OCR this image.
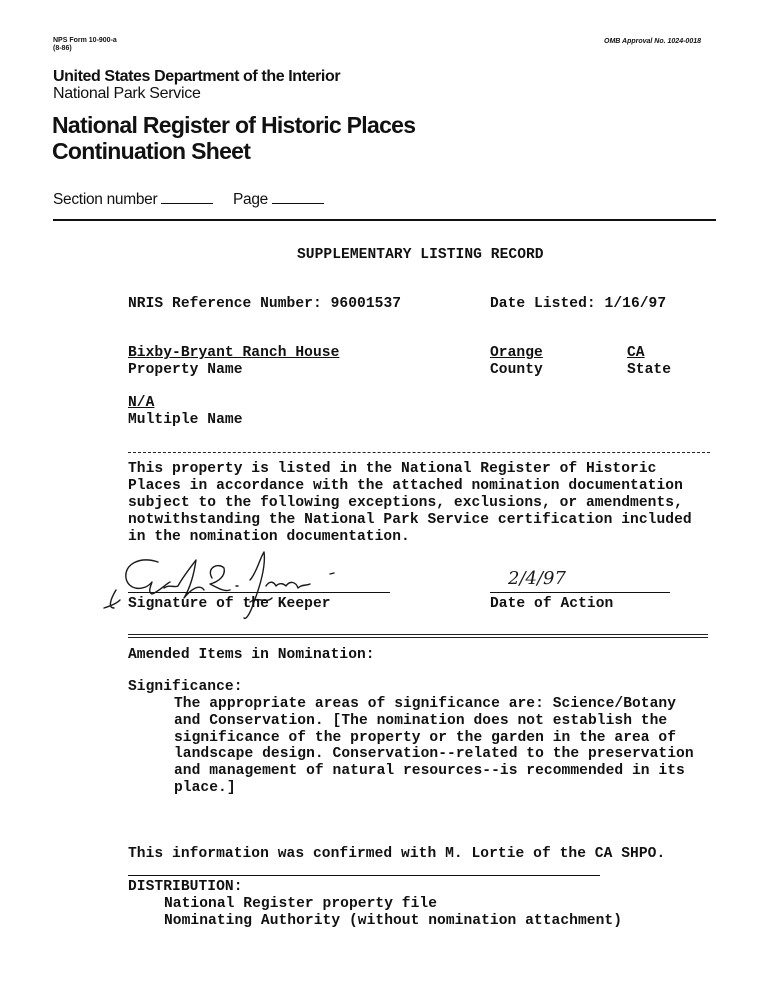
NPS Form 10-900-a
(8-86)
OMB Approval No. 1024-0018
United States Department of the Interior
National Park Service
National Register of Historic Places
Continuation Sheet
Section number	Page
SUPPLEMENTARY LISTING RECORD
NRIS Reference Number: 96001537	Date Listed: 1/16/97
Bixby-Bryant Ranch House
Property Name
Orange
County
CA
State
N/A
Multiple Name
This property is listed in the National Register of Historic
Places in accordance with the attached nomination documentation
subject to the following exceptions, exclusions, or amendments,
notwithstanding the National Park Service certification included
in the nomination documentation.
Signature of the Keeper
2/4/97
Date of Action
Amended Items in Nomination:
Significance:
The appropriate areas of significance are: Science/Botany
and Conservation. [The nomination does not establish the
significance of the property or the garden in the area of
landscape design. Conservation--related to the preservation
and management of natural resources--is recommended in its
place.]
This information was confirmed with M. Lortie of the CA SHPO.
DISTRIBUTION:
National Register property file
Nominating Authority (without nomination attachment)
